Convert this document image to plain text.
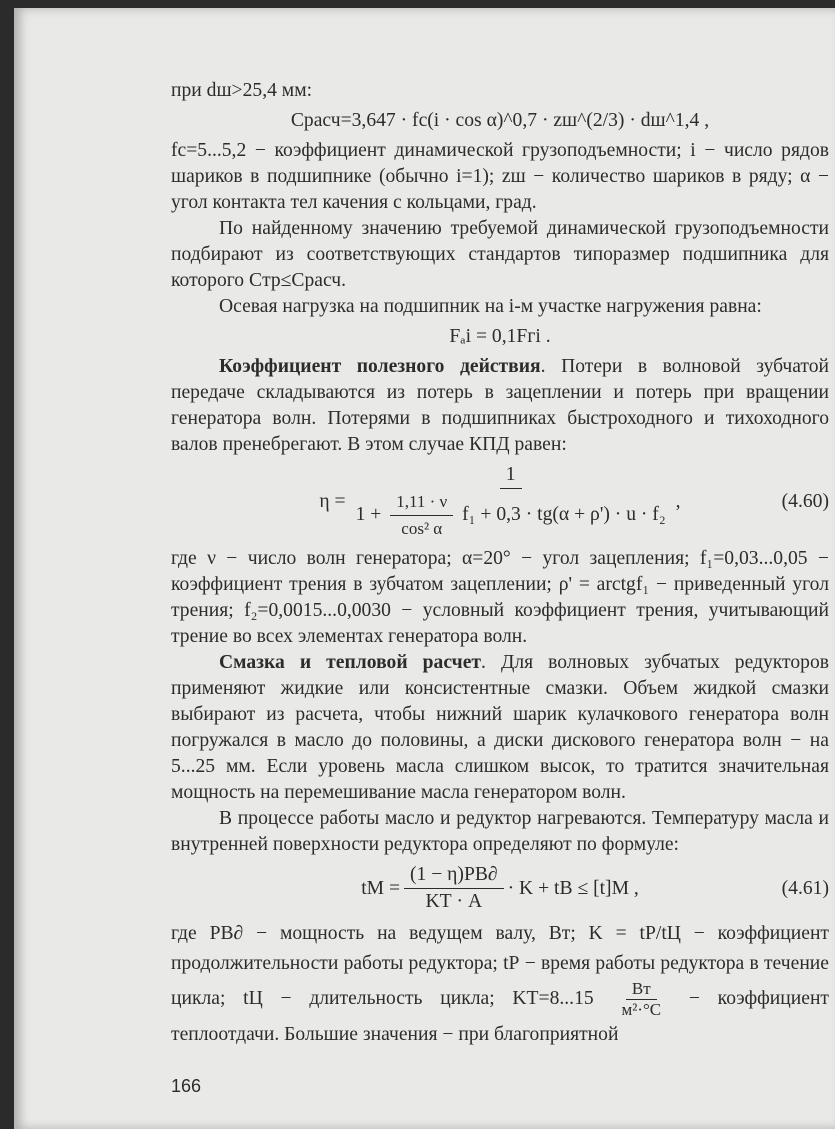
при dш>25,4 мм:

Cрасч=3,647 · fс(i · cos α)^0,7 · zш^(2/3) · dш^1,4 ,

fс=5...5,2 − коэффициент динамической грузоподъемности; i − число рядов шариков в подшипнике (обычно i=1); zш − количество шариков в ряду; α − угол контакта тел качения с кольцами, град.

По найденному значению требуемой динамической грузоподъемности подбирают из соответствующих стандартов типоразмер подшипника для которого Cтр≤Cрасч.

Осевая нагрузка на подшипник на i-м участке нагружения равна:

Fₐi = 0,1Fгi .

Коэффициент полезного действия. Потери в волновой зубчатой передаче складываются из потерь в зацеплении и потерь при вращении генератора волн. Потерями в подшипниках быстроходного и тихоходного валов пренебрегают. В этом случае КПД равен:

η =
1
$1 + \frac{1,11 \cdot \nu}{\text{cos² α}} f_1 + 0,3 \cdot tg(\alpha + \rho') \cdot u \cdot f_2$
,	(4.60)

где ν − число волн генератора; α=20° − угол зацепления; f₁=0,03...0,05 − коэффициент трения в зубчатом зацеплении; ρ' = arctgf₁ − приведенный угол трения; f₂=0,0015...0,0030 − условный коэффициент трения, учитывающий трение во всех элементах генератора волн.

Смазка и тепловой расчет. Для волновых зубчатых редукторов применяют жидкие или консистентные смазки. Объем жидкой смазки выбирают из расчета, чтобы нижний шарик кулачкового генератора волн погружался в масло до половины, а диски дискового генератора волн − на 5...25 мм. Если уровень масла слишком высок, то тратится значительная мощность на перемешивание масла генератором волн.

В процессе работы масло и редуктор нагреваются. Температуру масла и внутренней поверхности редуктора определяют по формуле:

tМ = $\frac{(1 - \eta)PВ\partial}{KТ \cdot A} \cdot K$ + tВ ≤ [t]М ,	(4.61)

где PВ∂ − мощность на ведущем валу, Вт; K = tР/tЦ − коэффициент продолжительности работы редуктора; tР − время работы редуктора в течение цикла; tЦ − длительность цикла; $KТ=8...15 \frac{Вт}{\text{м²·°С}}$ − коэффициент теплоотдачи. Большие значения − при благоприятной

166
